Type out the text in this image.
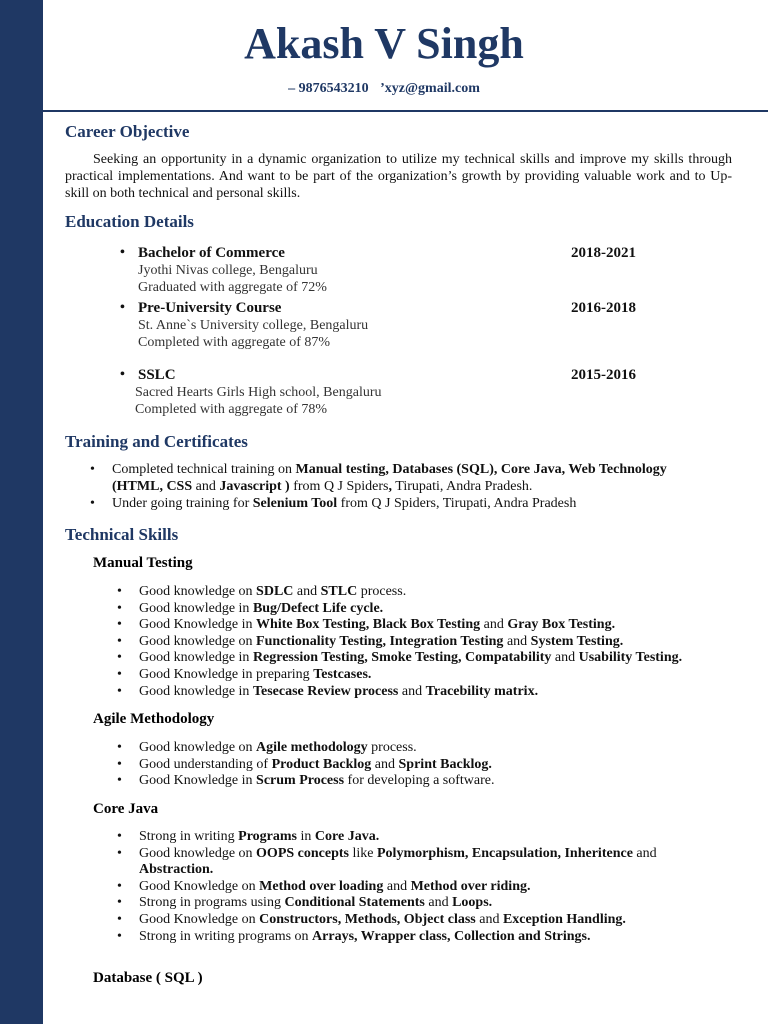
Akash V Singh
– 9876543210 ’xyz@gmail.com
Career Objective
Seeking an opportunity in a dynamic organization to utilize my technical skills and improve my skills through practical implementations. And want to be part of the organization’s growth by providing valuable work and to Up-skill on both technical and personal skills.
Education Details
• Bachelor of Commerce	2018-2021
Jyothi Nivas college, Bengaluru
Graduated with aggregate of 72%
• Pre-University Course	2016-2018
St. Anne`s University college, Bengaluru
Completed with aggregate of 87%
• SSLC	2015-2016
Sacred Hearts Girls High school, Bengaluru
Completed with aggregate of 78%
Training and Certificates
• Completed technical training on Manual testing, Databases (SQL), Core Java, Web Technology (HTML, CSS and Javascript ) from Q J Spiders, Tirupati, Andra Pradesh.
• Under going training for Selenium Tool from Q J Spiders, Tirupati, Andra Pradesh
Technical Skills
Manual Testing
• Good knowledge on SDLC and STLC process.
• Good knowledge in Bug/Defect Life cycle.
• Good Knowledge in White Box Testing, Black Box Testing and Gray Box Testing.
• Good knowledge on Functionality Testing, Integration Testing and System Testing.
• Good knowledge in Regression Testing, Smoke Testing, Compatability and Usability Testing.
• Good Knowledge in preparing Testcases.
• Good knowledge in Tesecase Review process and Tracebility matrix.
Agile Methodology
• Good knowledge on Agile methodology process.
• Good understanding of Product Backlog and Sprint Backlog.
• Good Knowledge in Scrum Process for developing a software.
Core Java
• Strong in writing Programs in Core Java.
• Good knowledge on OOPS concepts like Polymorphism, Encapsulation, Inheritence and Abstraction.
• Good Knowledge on Method over loading and Method over riding.
• Strong in programs using Conditional Statements and Loops.
• Good Knowledge on Constructors, Methods, Object class and Exception Handling.
• Strong in writing programs on Arrays, Wrapper class, Collection and Strings.
Database ( SQL )
